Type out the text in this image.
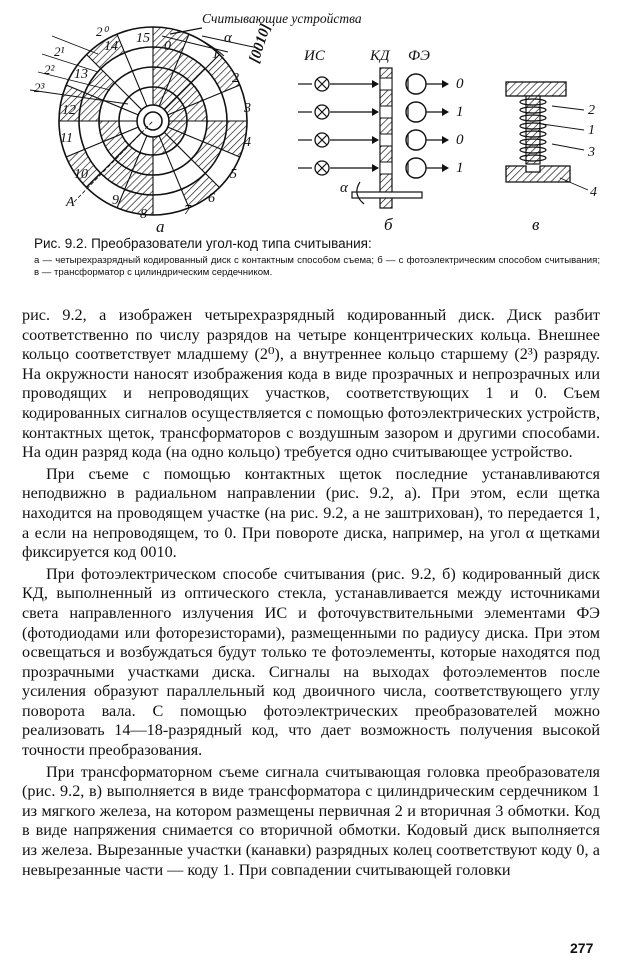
Считывающие устройства
α [0010]
2⁰
2¹
2²
2³
0
1
2
3
4
5
6
7
8
9
10
11
12
13
14
15
A
а
ИС	КД ФЭ
α
б
0
1
0
1
2
1
3
4
в

Рис. 9.2. Преобразователи угол-код типа считывания:

а — четырехразрядный кодированный диск с контактным способом съема; б — с фотоэлектрическим способом считывания; в — трансформатор с цилиндрическим сердечником.

рис. 9.2, а изображен четырехразрядный кодированный диск. Диск разбит соответственно по числу разрядов на четыре концентрических кольца. Внешнее кольцо соответствует младшему (2⁰), а внутреннее кольцо старшему (2³) разряду. На окружности наносят изображения кода в виде прозрачных и непрозрачных или проводящих и непроводящих участков, соответствующих 1 и 0. Съем кодированных сигналов осуществляется с помощью фотоэлектрических устройств, контактных щеток, трансформаторов с воздушным зазором и другими способами. На один разряд кода (на одно кольцо) требуется одно считывающее устройство.

При съеме с помощью контактных щеток последние устанавливаются неподвижно в радиальном направлении (рис. 9.2, а). При этом, если щетка находится на проводящем участке (на рис. 9.2, а не заштрихован), то передается 1, а если на непроводящем, то 0. При повороте диска, например, на угол α щетками фиксируется код 0010.

При фотоэлектрическом способе считывания (рис. 9.2, б) кодированный диск КД, выполненный из оптического стекла, устанавливается между источниками света направленного излучения ИС и фоточувствительными элементами ФЭ (фотодиодами или фоторезисторами), размещенными по радиусу диска. При этом освещаться и возбуждаться будут только те фотоэлементы, которые находятся под прозрачными участками диска. Сигналы на выходах фотоэлементов после усиления образуют параллельный код двоичного числа, соответствующего углу поворота вала. С помощью фотоэлектрических преобразователей можно реализовать 14—18-разрядный код, что дает возможность получения высокой точности преобразования.

При трансформаторном съеме сигнала считывающая головка преобразователя (рис. 9.2, в) выполняется в виде трансформатора с цилиндрическим сердечником 1 из мягкого железа, на котором размещены первичная 2 и вторичная 3 обмотки. Код в виде напряжения снимается со вторичной обмотки. Кодовый диск выполняется из железа. Вырезанные участки (канавки) разрядных колец соответствуют коду 0, а невырезанные части — коду 1. При совпадении считывающей головки

277
